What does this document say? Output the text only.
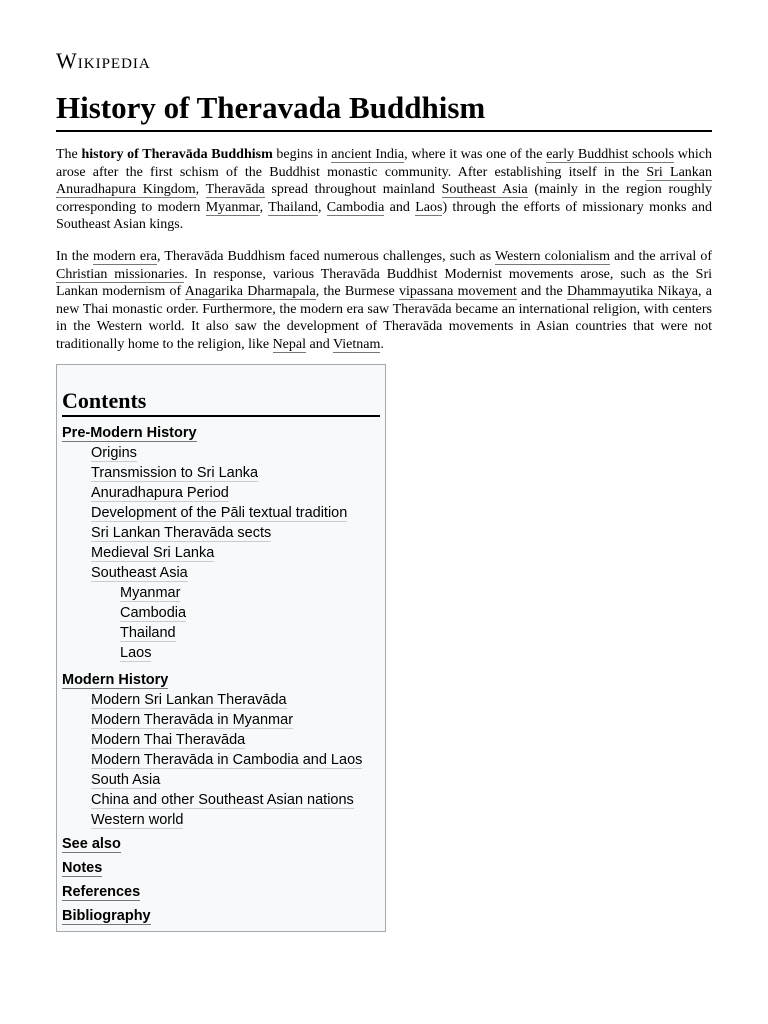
Wikipedia
History of Theravada Buddhism

The history of Theravāda Buddhism begins in ancient India, where it was one of the early Buddhist schools which arose after the first schism of the Buddhist monastic community. After establishing itself in the Sri Lankan Anuradhapura Kingdom, Theravāda spread throughout mainland Southeast Asia (mainly in the region roughly corresponding to modern Myanmar, Thailand, Cambodia and Laos) through the efforts of missionary monks and Southeast Asian kings.

In the modern era, Theravāda Buddhism faced numerous challenges, such as Western colonialism and the arrival of Christian missionaries. In response, various Theravāda Buddhist Modernist movements arose, such as the Sri Lankan modernism of Anagarika Dharmapala, the Burmese vipassana movement and the Dhammayutika Nikaya, a new Thai monastic order. Furthermore, the modern era saw Theravāda became an international religion, with centers in the Western world. It also saw the development of Theravāda movements in Asian countries that were not traditionally home to the religion, like Nepal and Vietnam.

Contents
Pre-Modern History
Origins
Transmission to Sri Lanka
Anuradhapura Period
Development of the Pāli textual tradition
Sri Lankan Theravāda sects
Medieval Sri Lanka
Southeast Asia
Myanmar
Cambodia
Thailand
Laos
Modern History
Modern Sri Lankan Theravāda
Modern Theravāda in Myanmar
Modern Thai Theravāda
Modern Theravāda in Cambodia and Laos
South Asia
China and other Southeast Asian nations
Western world
See also
Notes
References
Bibliography
